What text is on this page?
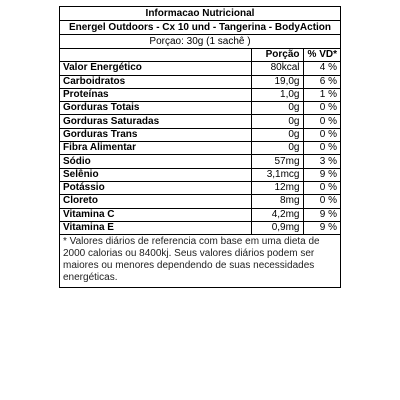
Informacao Nutricional
Energel Outdoors - Cx 10 und - Tangerina - BodyAction
Porçao: 30g (1 sachê )
	Porção	% VD*
Valor Energético	80kcal	4 %
Carboidratos	19,0g	6 %
Proteínas	1,0g	1 %
Gorduras Totais	0g	0 %
Gorduras Saturadas	0g	0 %
Gorduras Trans	0g	0 %
Fibra Alimentar	0g	0 %
Sódio	57mg	3 %
Selênio	3,1mcg	9 %
Potássio	12mg	0 %
Cloreto	8mg	0 %
Vitamina C	4,2mg	9 %
Vitamina E	0,9mg	9 %
* Valores diários de referencia com base em uma dieta de 2000 calorias ou 8400kj. Seus valores diários podem ser maiores ou menores dependendo de suas necessidades energéticas.
